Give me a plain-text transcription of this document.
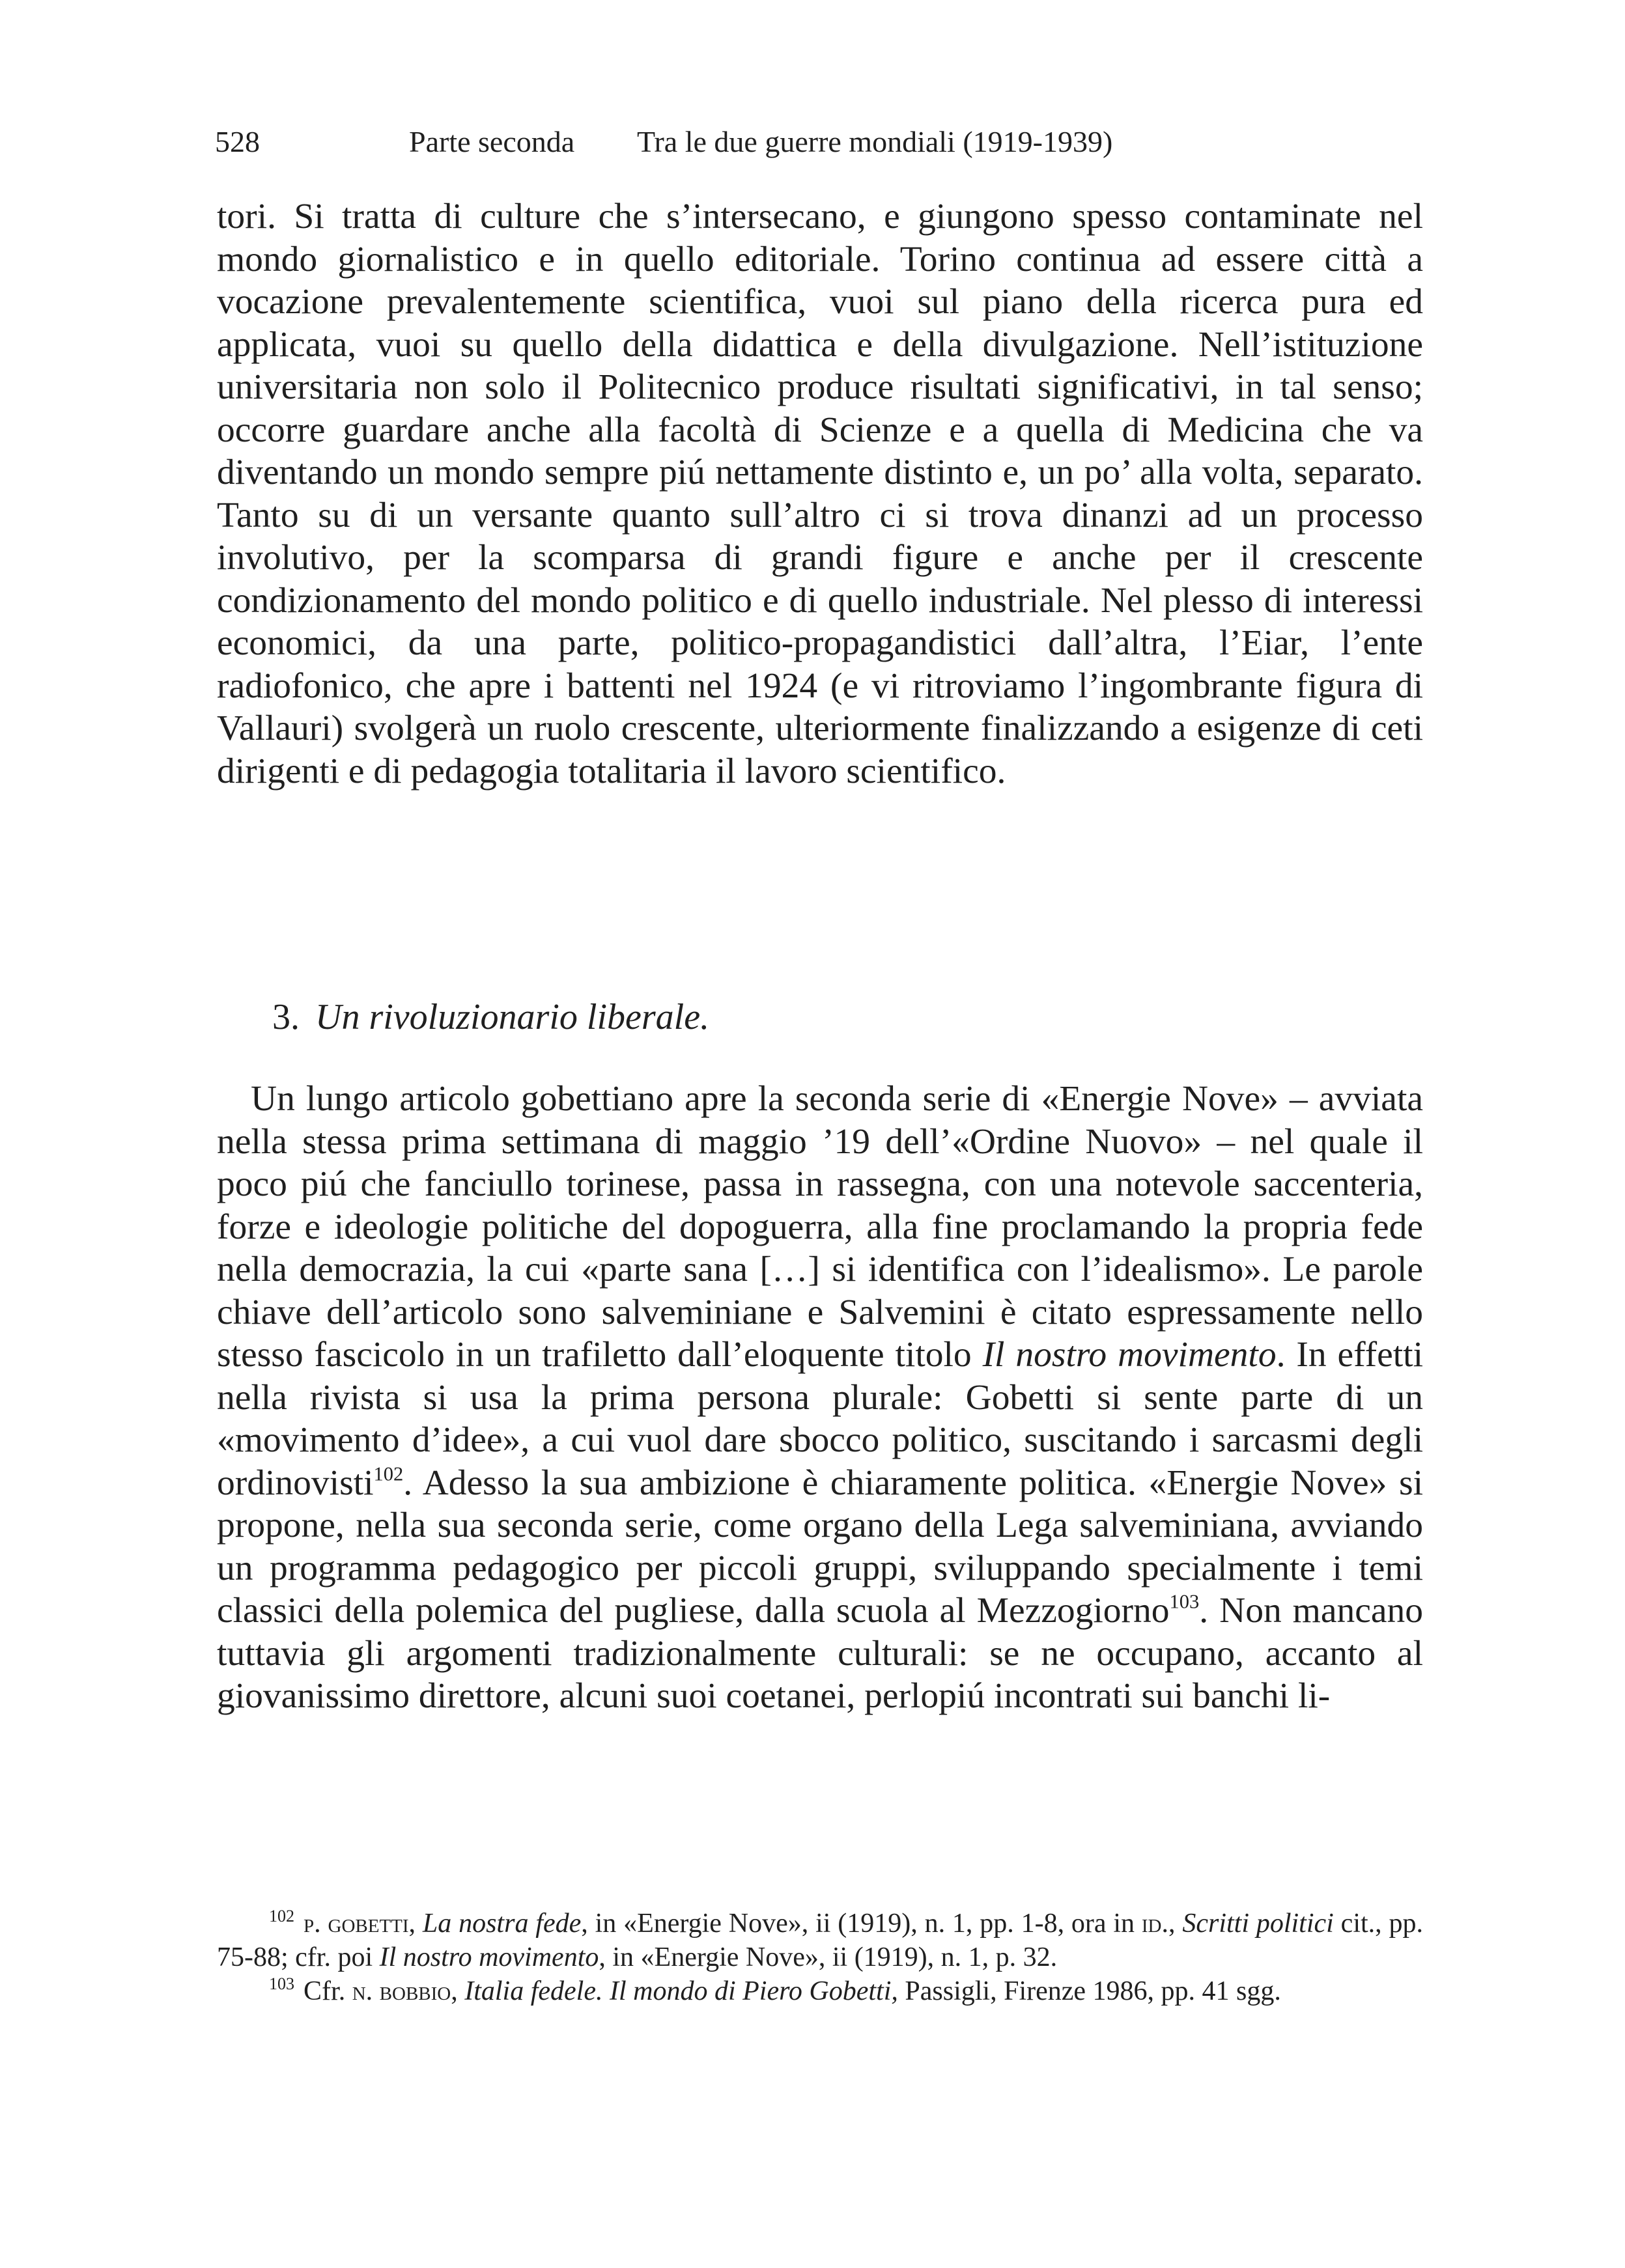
528	Parte seconda Tra le due guerre mondiali (1919-1939)

tori. Si tratta di culture che s’intersecano, e giungono spesso contaminate nel mondo giornalistico e in quello editoriale. Torino continua ad essere città a vocazione prevalentemente scientifica, vuoi sul piano della ricerca pura ed applicata, vuoi su quello della didattica e della divulgazione. Nell’istituzione universitaria non solo il Politecnico produce risultati significativi, in tal senso; occorre guardare anche alla facoltà di Scienze e a quella di Medicina che va diventando un mondo sempre piú nettamente distinto e, un po’ alla volta, separato. Tanto su di un versante quanto sull’altro ci si trova dinanzi ad un processo involutivo, per la scomparsa di grandi figure e anche per il crescente condizionamento del mondo politico e di quello industriale. Nel plesso di interessi economici, da una parte, politico-propagandistici dall’altra, l’Eiar, l’ente radiofonico, che apre i battenti nel 1924 (e vi ritroviamo l’ingombrante figura di Vallauri) svolgerà un ruolo crescente, ulteriormente finalizzando a esigenze di ceti dirigenti e di pedagogia totalitaria il lavoro scientifico.

3. Un rivoluzionario liberale.

Un lungo articolo gobettiano apre la seconda serie di «Energie Nove» – avviata nella stessa prima settimana di maggio ’19 dell’«Ordine Nuovo» – nel quale il poco piú che fanciullo torinese, passa in rassegna, con una notevole saccenteria, forze e ideologie politiche del dopoguerra, alla fine proclamando la propria fede nella democrazia, la cui «parte sana […] si identifica con l’idealismo». Le parole chiave dell’articolo sono salveminiane e Salvemini è citato espressamente nello stesso fascicolo in un trafiletto dall’eloquente titolo Il nostro movimento. In effetti nella rivista si usa la prima persona plurale: Gobetti si sente parte di un «movimento d’idee», a cui vuol dare sbocco politico, suscitando i sarcasmi degli ordinovisti$^{102}$. Adesso la sua ambizione è chiaramente politica. «Energie Nove» si propone, nella sua seconda serie, come organo della Lega salveminiana, avviando un programma pedagogico per piccoli gruppi, sviluppando specialmente i temi classici della polemica del pugliese, dalla scuola al Mezzogiorno$^{103}$. Non mancano tuttavia gli argomenti tradizionalmente culturali: se ne occupano, accanto al giovanissimo direttore, alcuni suoi coetanei, perlopiú incontrati sui banchi li-

$^{102}$ p. gobetti, La nostra fede, in «Energie Nove», ii (1919), n. 1, pp. 1-8, ora in id., Scritti politici cit., pp. 75-88; cfr. poi Il nostro movimento, in «Energie Nove», ii (1919), n. 1, p. 32.
$^{103}$ Cfr. n. bobbio, Italia fedele. Il mondo di Piero Gobetti, Passigli, Firenze 1986, pp. 41 sgg.
